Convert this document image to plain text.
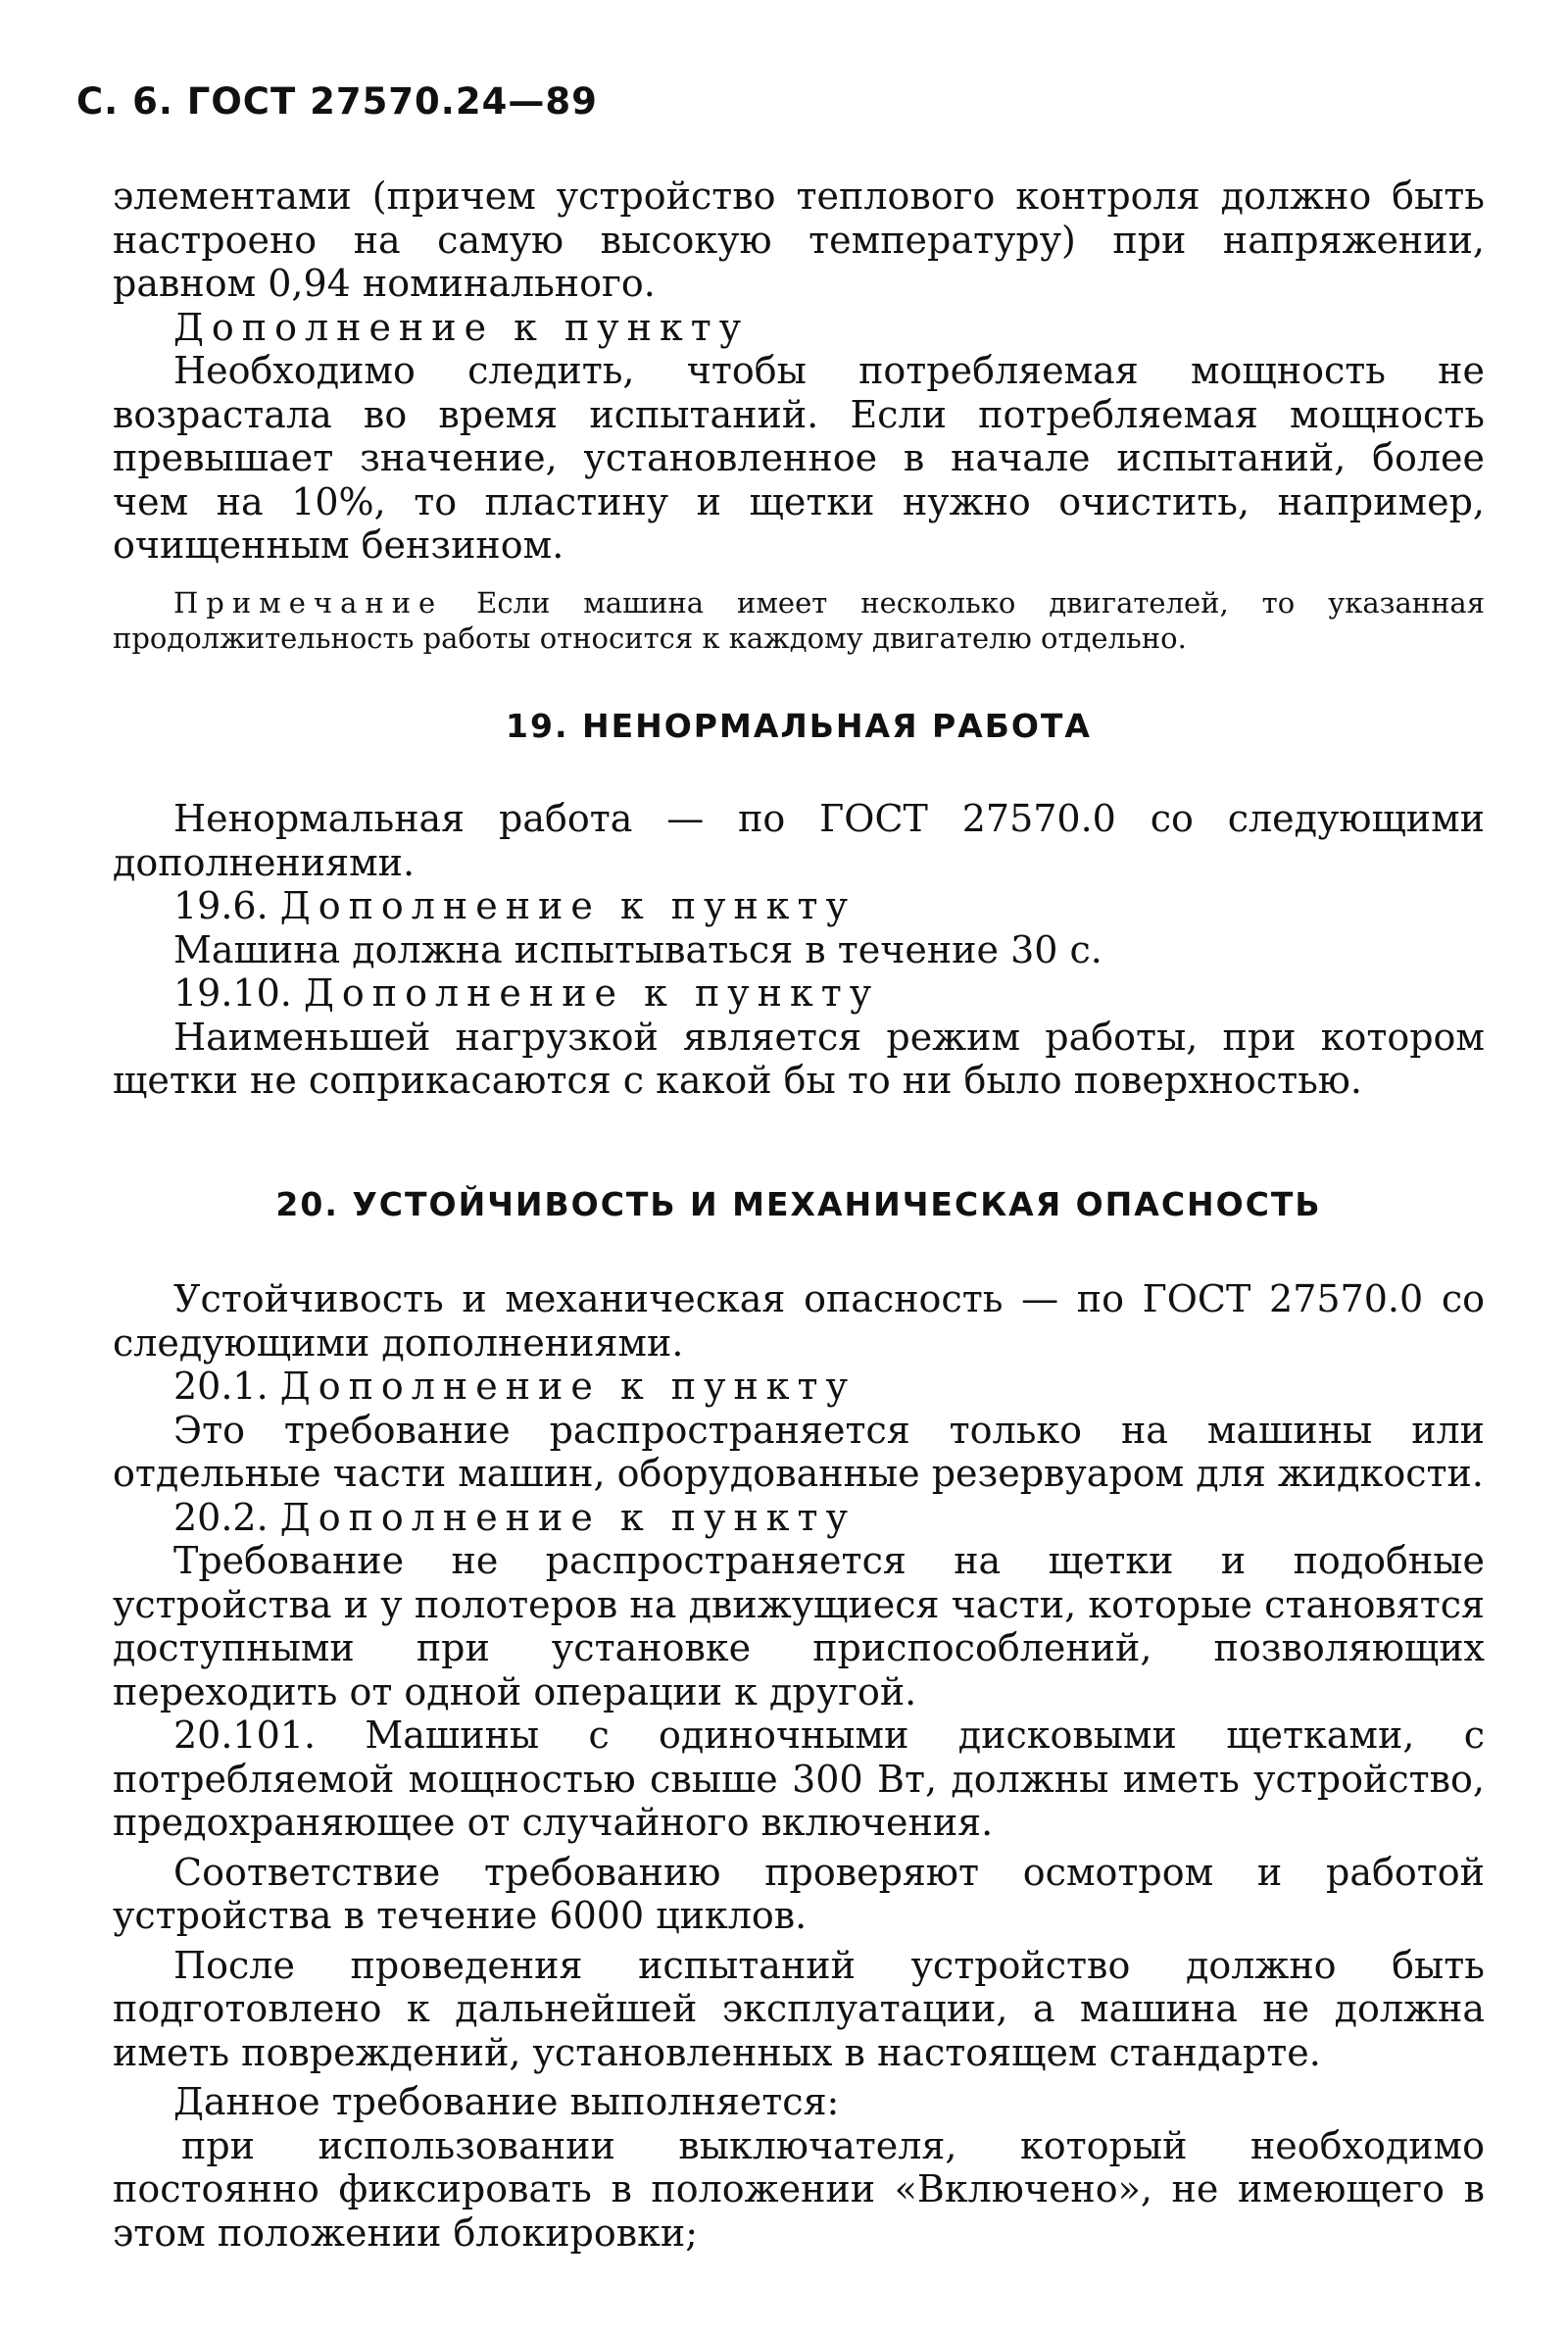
С. 6. ГОСТ 27570.24—89

элементами (причем устройство теплового контроля должно быть настроено на самую высокую температуру) при напряжении, равном 0,94 номинального.

Дополнение к пункту

Необходимо следить, чтобы потребляемая мощность не возрастала во время испытаний. Если потребляемая мощность превышает значение, установленное в начале испытаний, более чем на 10%, то пластину и щетки нужно очистить, например, очищенным бензином.

Примечание Если машина имеет несколько двигателей, то указанная продолжительность работы относится к каждому двигателю отдельно.

19. НЕНОРМАЛЬНАЯ РАБОТА

Ненормальная работа — по ГОСТ 27570.0 со следующими дополнениями.

19.6. Дополнение к пункту

Машина должна испытываться в течение 30 с.

19.10. Дополнение к пункту

Наименьшей нагрузкой является режим работы, при котором щетки не соприкасаются с какой бы то ни было поверхностью.

20. УСТОЙЧИВОСТЬ И МЕХАНИЧЕСКАЯ ОПАСНОСТЬ

Устойчивость и механическая опасность — по ГОСТ 27570.0 со следующими дополнениями.

20.1. Дополнение к пункту

Это требование распространяется только на машины или отдельные части машин, оборудованные резервуаром для жидкости.

20.2. Дополнение к пункту

Требование не распространяется на щетки и подобные устройства и у полотеров на движущиеся части, которые становятся доступными при установке приспособлений, позволяющих переходить от одной операции к другой.

20.101. Машины с одиночными дисковыми щетками, с потребляемой мощностью свыше 300 Вт, должны иметь устройство, предохраняющее от случайного включения.

Соответствие требованию проверяют осмотром и работой устройства в течение 6000 циклов.

После проведения испытаний устройство должно быть подготовлено к дальнейшей эксплуатации, а машина не должна иметь повреждений, установленных в настоящем стандарте.

Данное требование выполняется:

при использовании выключателя, который необходимо постоянно фиксировать в положении «Включено», не имеющего в этом положении блокировки;
